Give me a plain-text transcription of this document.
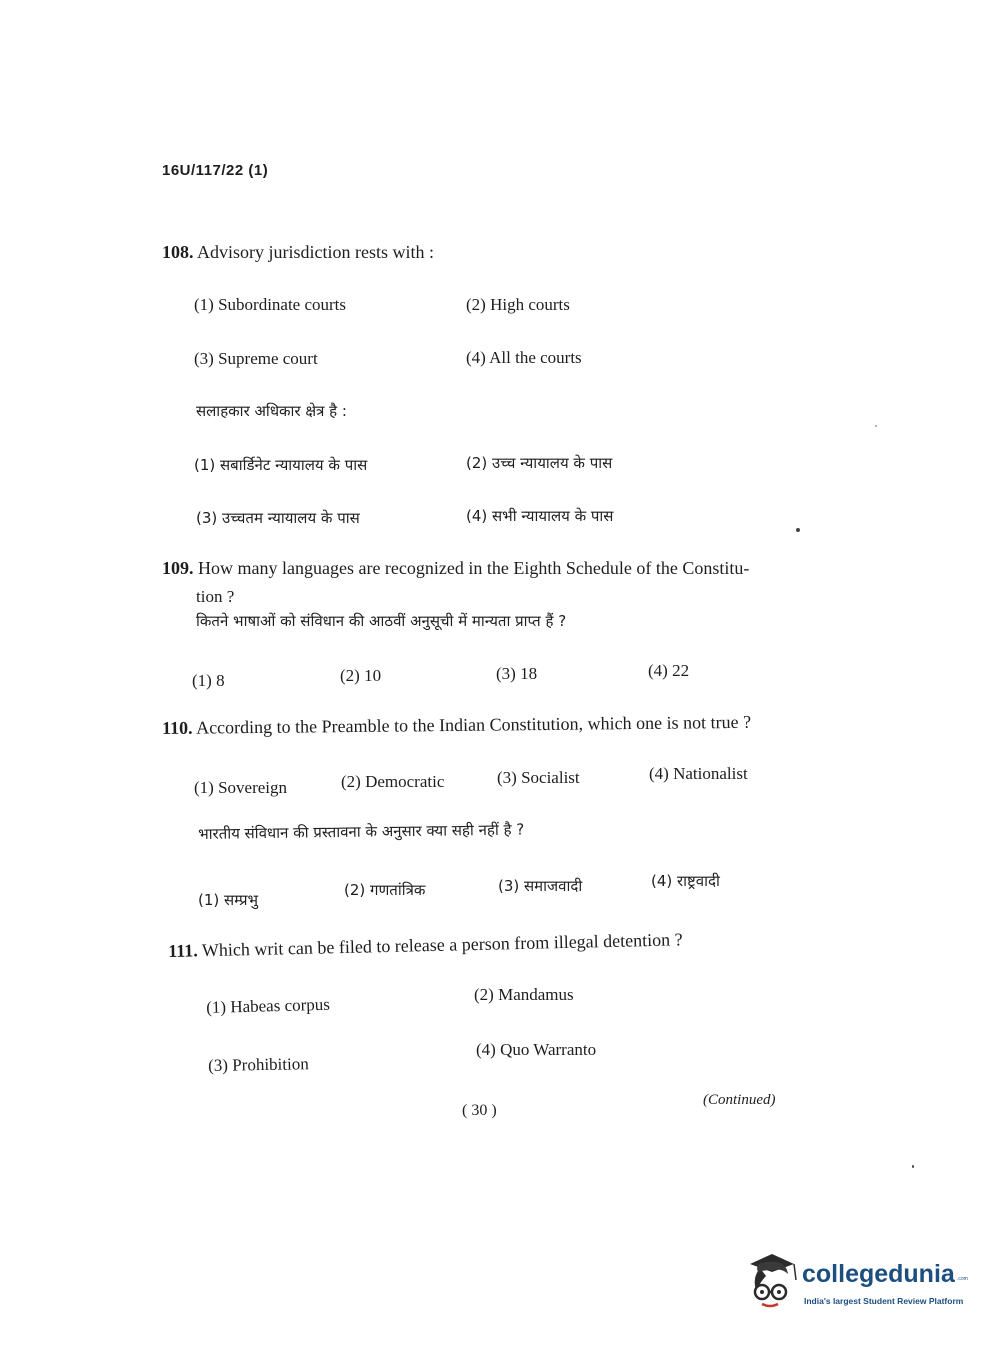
16U/117/22 (1)
108. Advisory jurisdiction rests with :
(1) Subordinate courts	(2) High courts
(3) Supreme court	(4) All the courts
सलाहकार अधिकार क्षेत्र है :
(1) सबार्डिनेट न्यायालय के पास	(2) उच्च न्यायालय के पास
(3) उच्चतम न्यायालय के पास	(4) सभी न्यायालय के पास
109. How many languages are recognized in the Eighth Schedule of the Constitu-
tion ?
कितने भाषाओं को संविधान की आठवीं अनुसूची में मान्यता प्राप्त हैं ?
(1) 8	(2) 10	(3) 18	(4) 22
110. According to the Preamble to the Indian Constitution, which one is not true ?
(1) Sovereign	(2) Democratic	(3) Socialist	(4) Nationalist
भारतीय संविधान की प्रस्तावना के अनुसार क्या सही नहीं है ?
(1) सम्प्रभु
(2) गणतांत्रिक	(3) समाजवादी	(4) राष्ट्रवादी
111. Which writ can be filed to release a person from illegal detention ?
(1) Habeas corpus
(2) Mandamus
(3) Prohibition
(4) Quo Warranto
( 30 )
(Continued)
collegedunia .com
India's largest Student Review Platform
